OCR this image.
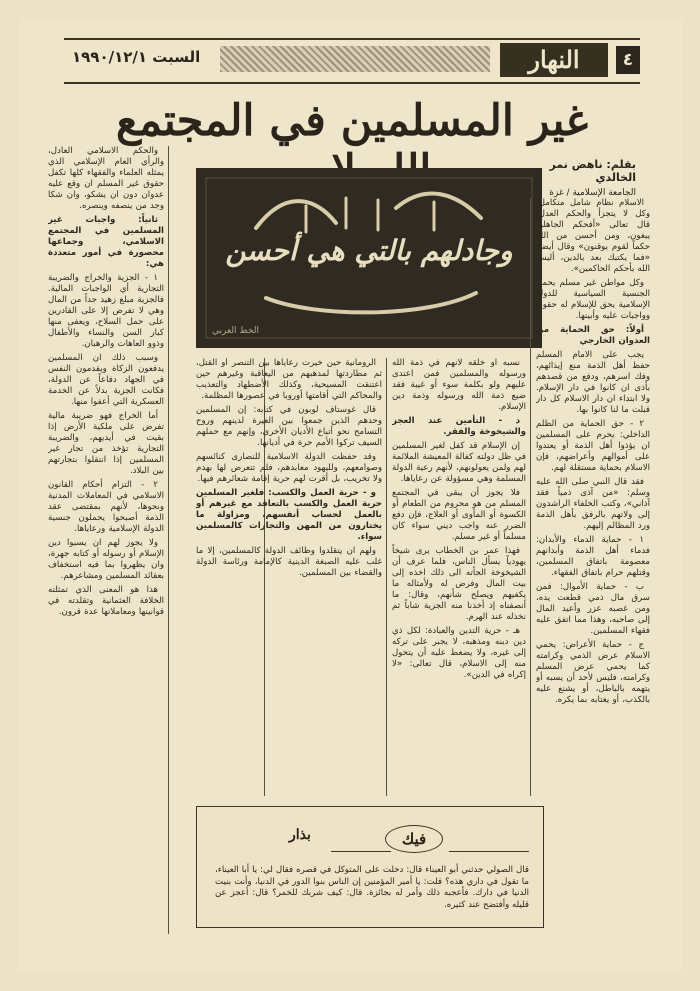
٤
النهار
السبت ١٩٩٠/١٢/١
غير المسلمين في المجتمع
بقلم: ناهض نمر الخالدي
الجامعة الإسلامية / غزة
وجادلهم بالتي هي أحسن
الخط العربي

الاسلام نظام شامل متكامل، وكل لا يتجزأ والحكم العدل، قال تعالى «أفحكم الجاهلية يبغون، ومن أحسن من الله حكماً لقوم يوقنون» وقال أيضاً: «فما يكتبك بعد بالدين، أليس الله بأحكم الحاكمين».

وكل مواطن غير مسلم يحمل الجنسية السياسية للدولة الإسلامية يحق للإسلام له حقوقاً وواجبات عليه وأبينها.

أولاً: حق الحماية من العدوان الخارجي

يجب على الامام المسلم حفظ أهل الذمة منع إيذائهم، وفك اسرهم، ودفع من قصدهم بأذى ان كانوا في دار الإسلام. ولا ابتداء ان دار الاسلام كل دار قبلت ما لنا كانوا بها.

٢ - حق الحماية من الظلم الداخلي: يحرم على المسلمين ان يؤذوا أهل الذمة أو يعتدوا على أموالهم وأعراضهم، فإن الاسلام بحماية مستقلة لهم.

فقد قال النبي صلى الله عليه وسلم: «من آذى ذمياً فقد آذاني»، وكتب الخلفاء الراشدون إلى ولاتهم بالرفق بأهل الذمة ورد المظالم إليهم.

١ - حماية الدماء والأبدان: فدماء أهل الذمة وأبدانهم معصومة باتفاق المسلمين، وقتلهم حرام باتفاق الفقهاء.

ب - حماية الأموال: فمن سرق مال ذمي قطعت يده، ومن غصبه عزر وأعيد المال إلى صاحبه، وهذا مما اتفق عليه فقهاء المسلمين.

ج - حماية الأعراض: يحمي الاسلام عرض الذمي وكرامته كما يحمي عرض المسلم وكرامته، فليس لأحد أن يسبه أو يتهمه بالباطل، أو يشنع عليه بالكذب، أو يغتابه بما يكره.

نسبه او خلقه لانهم في ذمة الله ورسوله والمسلمين فمن اعتدى عليهم ولو بكلمة سوء أو غيبة فقد ضيع ذمة الله ورسوله وذمة دين الإسلام.

د - التأمين عند العجز والشيخوخة والفقر.

إن الإسلام قد كفل لغير المسلمين في ظل دولته كفالة المعيشة الملائمة لهم ولمن يعولونهم، لأنهم رعية الدولة المسلمة وهي مسؤولة عن رعاياها.

فلا يجوز أن يبقى في المجتمع المسلم من هو محروم من الطعام أو الكسوة أو المأوى أو العلاج، فإن دفع الضرر عنه واجب ديني سواء كان مسلماً أو غير مسلم.

فهذا عمر بن الخطاب يرى شيخاً يهودياً يسأل الناس، فلما عرف أن الشيخوخة الجأته الى ذلك اخذه إلى بيت المال وفرض له ولأمثاله ما يكفيهم ويصلح شأنهم، وقال: ما أنصفناه إذ أخذنا منه الجزية شاباً ثم نخذله عند الهرم.

هـ - حرية التدين والعبادة: لكل ذي دين دينه ومذهبه، لا يجبر على تركه إلى غيره، ولا يضغط عليه أن يتحول منه إلى الاسلام، قال تعالى: «لا إكراه في الدين».

الرومانية حين خيرت رعاياها بين التنصر أو القتل، ثم مطاردتها لمذهبهم من اليعاقبة وغيرهم حين اعتنقت المسيحية، وكذلك الأضطهاد والتعذيب والمحاكم التي أقامتها أوروبا في عصورها المظلمة.

قال غوستاف لوبون في كتابه: إن المسلمين وحدهم الذين جمعوا بين الغيرة لدينهم وروح التسامح نحو أتباع الأديان الأخرى، وإنهم مع حملهم السيف تركوا الأمم حرة في أديانها.

وقد حفظت الدولة الاسلامية للنصارى كنائسهم وصوامعهم، ولليهود معابدهم، فلم تتعرض لها بهدم ولا تخريب، بل أقرت لهم حرية إقامة شعائرهم فيها.

و - حرية العمل والكسب: فلغير المسلمين حرية العمل والكسب بالتعاقد مع غيرهم أو بالعمل لحساب أنفسهم، ومزاولة ما يختارون من المهن والتجارات كالمسلمين سواء.

ولهم ان يتقلدوا وظائف الدولة كالمسلمين، إلا ما غلب عليه الصبغة الدينية كالإمامة ورئاسة الدولة والقضاء بين المسلمين.

والحكم الاسلامي العادل، والرأي العام الإسلامي الذي يمثله العلماء والفقهاء كلها تكفل حقوق غير المسلم ان وقع عليه عدوان دون ان يشكو، وان شكا وجد من ينصفه وينصره.

ثانياً: واجبات غير المسلمين في المجتمع الاسلامي، وجماعها محصورة في أمور متعددة هي:

١ - الجزية والخراج والضريبة التجارية أي الواجبات المالية. فالجزية مبلغ زهيد جداً من المال وهي لا تفرض إلا على القادرين على حمل السلاح، ويعفى منها كبار السن والنساء والأطفال وذوو العاهات والرهبان.

وسبب ذلك ان المسلمين يدفعون الزكاة ويقدمون النفس في الجهاد دفاعاً عن الدولة، فكانت الجزية بدلاً عن الخدمة العسكرية التي أعفوا منها.

أما الخراج فهو ضريبة مالية تفرض على ملكية الأرض إذا بقيت في أيديهم، والضريبة التجارية تؤخذ من تجار غير المسلمين إذا انتقلوا بتجارتهم بين البلاد.

٢ - التزام أحكام القانون الاسلامي في المعاملات المدنية ونحوها، لأنهم بمقتضى عقد الذمة أصبحوا يحملون جنسية الدولة الإسلامية ورعاياها.

ولا يجوز لهم ان يسبوا دين الإسلام أو رسوله أو كتابه جهرة، وان يظهروا بما فيه استخفاف بعقائد المسلمين ومشاعرهم.

هذا هو المعنى الذي تمثلته الخلافة العثمانية وتقلدته في قوانينها ومعاملاتها عدة قرون.

فيك
بذار
قال الصولي حدثني أبو العيناء قال: دخلت على المتوكل في قصره فقال لي: يا أبا العيناء، ما تقول في داري هذه؟ قلت: يا أمير المؤمنين إن الناس بنوا الدور في الدنيا، وأنت بنيت الدنيا في دارك. فأعجبه ذلك وأمر له بجائزة. قال: كيف شربك للخمر؟ قال: أعجز عن قليله وأفتضح عند كثيره.
